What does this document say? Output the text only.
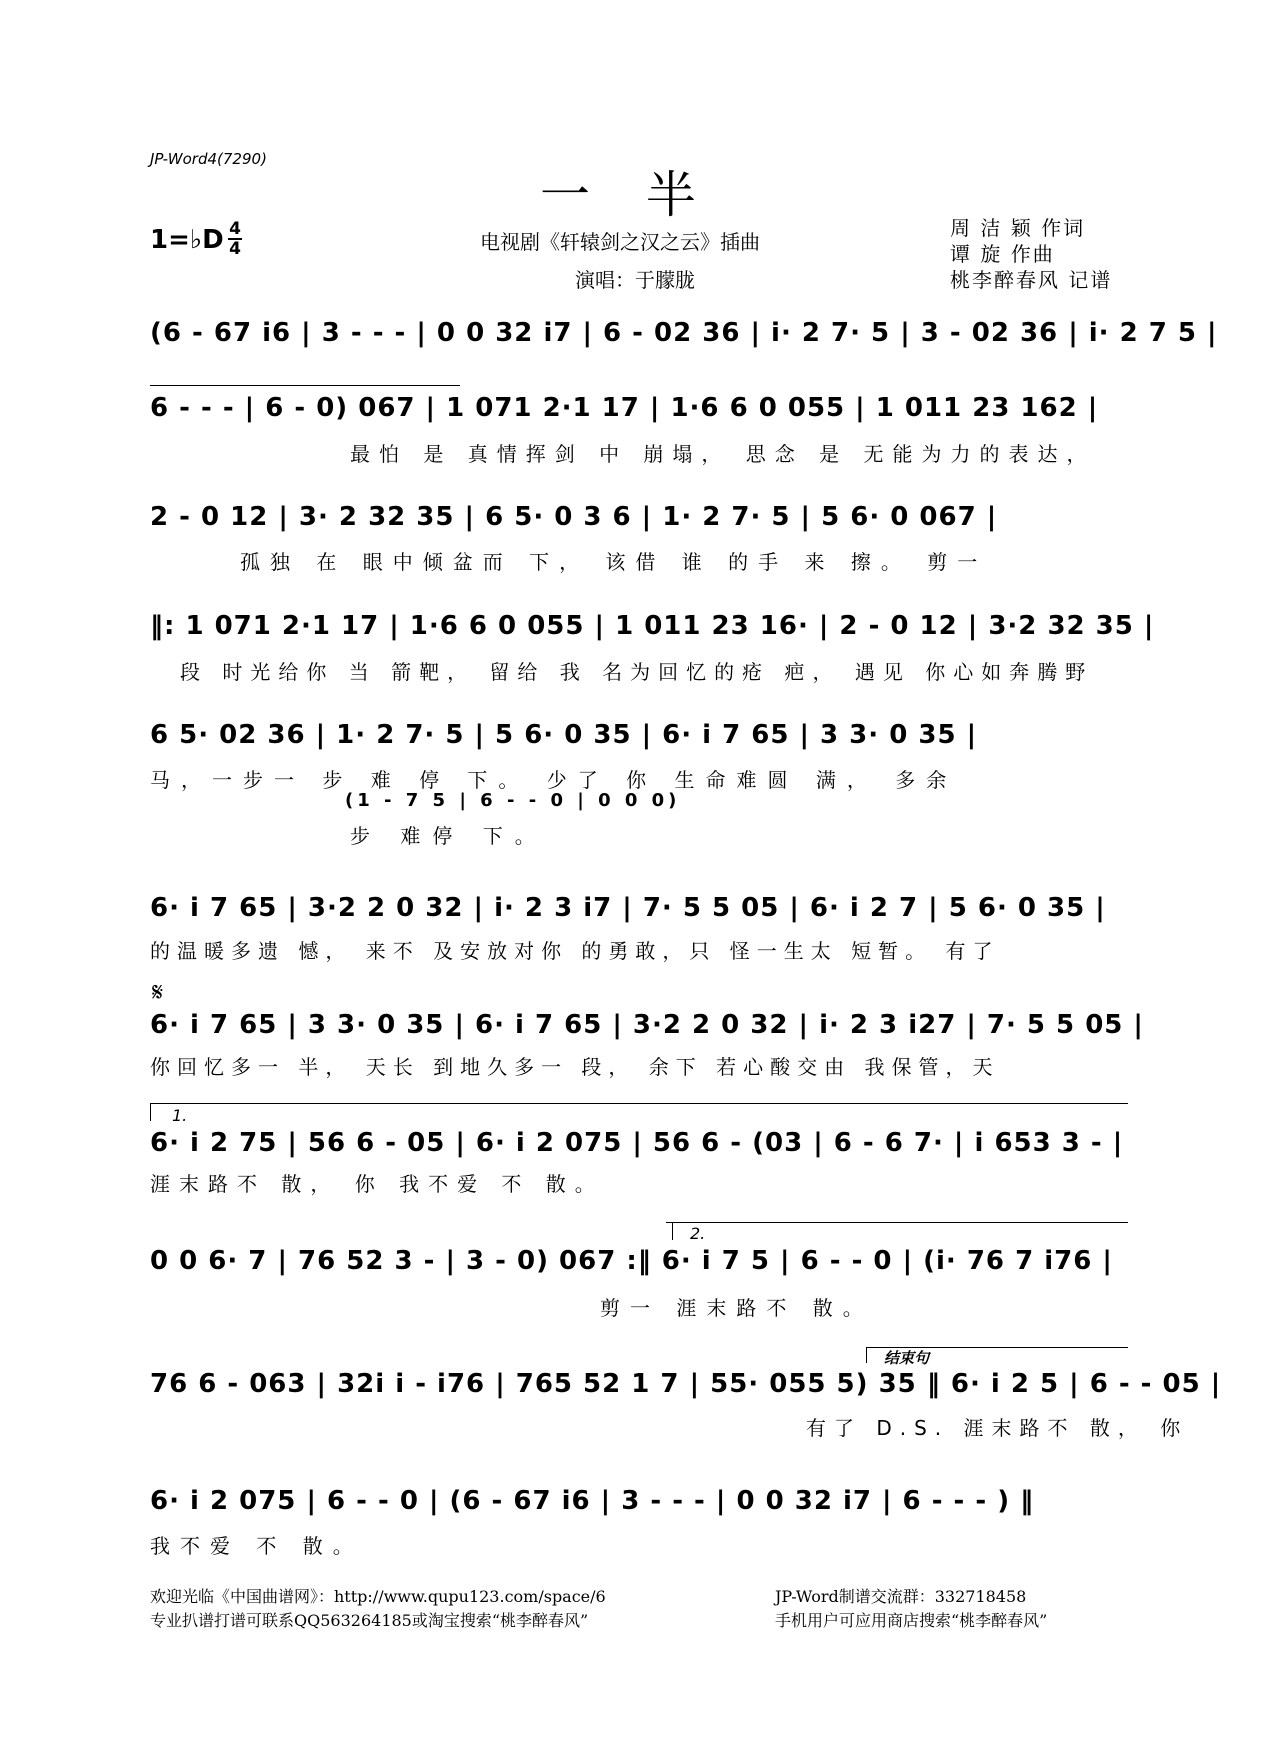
JP-Word4(7290)
一 半
1=♭D 4
4	电视剧《轩辕剑之汉之云》插曲
演唱：于朦胧
周 洁 颖 作词
谭 旋 作曲
桃李醉春风 记谱
(6 - 67 i6 | 3 - - - | 0 0 32 i7 | 6 - 02 36 | i· 2 7· 5 | 3 - 02 36 | i· 2 7 5 |
6 - - - | 6 - 0) 067 | 1 071 2·1 17 | 1·6 6 0 055 | 1 011 23 162 |
最怕 是 真情挥剑 中 崩塌， 思念 是 无能为力的表达，
2 - 0 12 | 3· 2 32 35 | 6 5· 0 3 6 | 1· 2 7· 5 | 5 6· 0 067 |
孤独 在 眼中倾盆而 下， 该借 谁 的手 来 擦。 剪一
‖: 1 071 2·1 17 | 1·6 6 0 055 | 1 011 23 16· | 2 - 0 12 | 3·2 32 35 |
段 时光给你 当 箭靶， 留给 我 名为回忆的疮 疤， 遇见 你心如奔腾野
6 5· 02 36 | 1· 2 7· 5 | 5 6· 0 35 | 6· i 7 65 | 3 3· 0 35 |
马，一步一 步 难 停 下。 少了 你 生命难圆 满， 多余
(1 - 7 5 | 6 - - 0 | 0 0 0)
步 难停 下。
6· i 7 65 | 3·2 2 0 32 | i· 2 3 i7 | 7· 5 5 05 | 6· i 2 7 | 5 6· 0 35 |
的温暖多遗 憾， 来不 及安放对你 的勇敢，只 怪一生太 短暂。 有了
𝄋
6· i 7 65 | 3 3· 0 35 | 6· i 7 65 | 3·2 2 0 32 | i· 2 3 i27 | 7· 5 5 05 |
你回忆多一 半， 天长 到地久多一 段， 余下 若心酸交由 我保管，天
1.
6· i 2 75 | 56 6 - 05 | 6· i 2 075 | 56 6 - (03 | 6 - 6 7· | i 653 3 - |
涯末路不 散， 你 我不爱 不 散。
2.
0 0 6· 7 | 76 52 3 - | 3 - 0) 067 :‖ 6· i 7 5 | 6 - - 0 | (i· 76 7 i76 |
剪一 涯末路不 散。
结束句
76 6 - 063 | 32i i - i76 | 765 52 1 7 | 55· 055 5) 35 ‖ 6· i 2 5 | 6 - - 05 |
有了 D.S. 涯末路不 散， 你
6· i 2 075 | 6 - - 0 | (6 - 67 i6 | 3 - - - | 0 0 32 i7 | 6 - - - ) ‖
我不爱 不 散。
欢迎光临《中国曲谱网》：http://www.qupu123.com/space/6
专业扒谱打谱可联系QQ563264185或淘宝搜索“桃李醉春风”
JP-Word制谱交流群：332718458
手机用户可应用商店搜索“桃李醉春风”
